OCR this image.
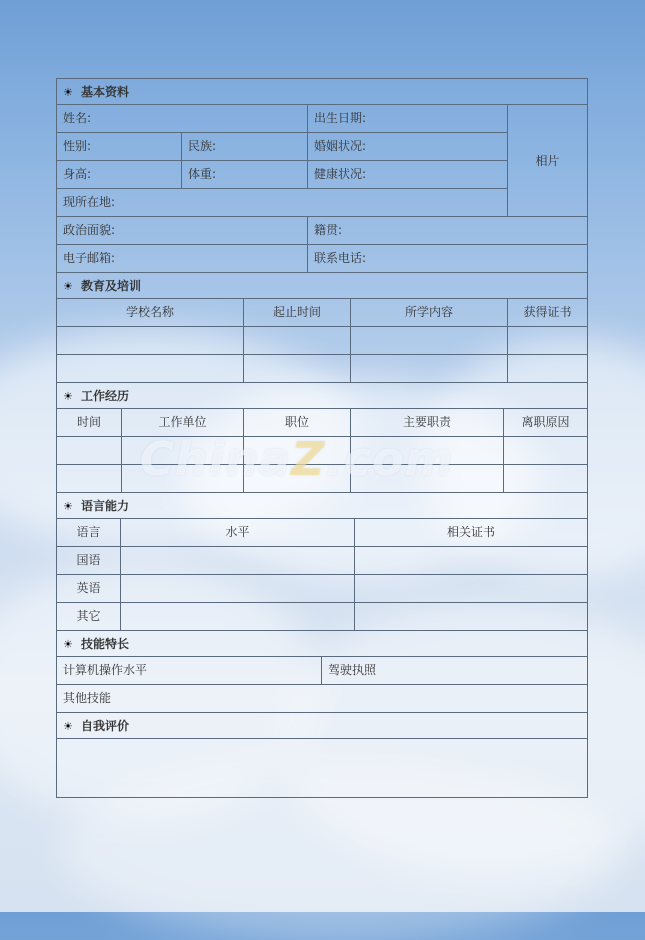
☀ 基本资料
姓名:	出生日期:
相片
性别:	民族:	婚姻状况:
身高:	体重:	健康状况:
现所在地:
政治面貌:	籍贯:
电子邮箱:	联系电话:
☀ 教育及培训
学校名称	起止时间	所学内容	获得证书
☀ 工作经历
时间	工作单位	职位	主要职责	离职原因
☀ 语言能力
语言	水平	相关证书
国语
英语
其它
☀ 技能特长
计算机操作水平	驾驶执照
其他技能
☀ 自我评价
ChinaZ.com
